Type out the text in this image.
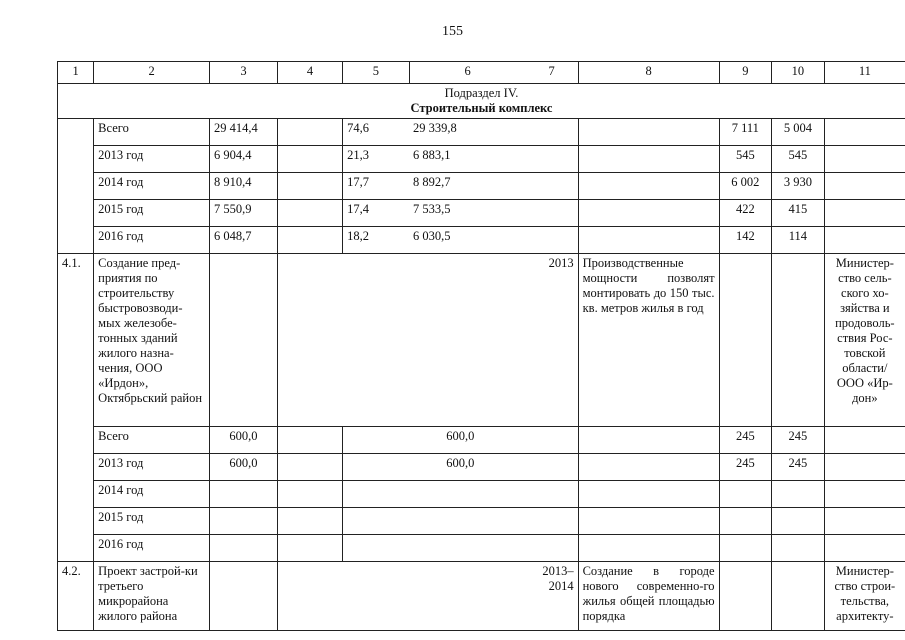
155
1	2	3	4	5	6	7	8	9	10	11

Подраздел IV.
Строительный комплекс										

	Всего	29 414,4		74,6	29 339,8			7 111	5 004	
	2013 год	6 904,4		21,3	6 883,1			545	545	
	2014 год	8 910,4		17,7	8 892,7			6 002	3 930	
	2015 год	7 550,9		17,4	7 533,5			422	415	
	2016 год	6 048,7		18,2	6 030,5			142	114	
4.1.	Создание пред-приятия по строительству быстровозводи-мых железобе-тонных зданий жилого назна-чения, ООО «Ирдон», Октябрьский район		2013				Производственные мощности позволят монтировать до 150 тыс. кв. метров жилья в год			Министер-ство сель-ского хо-зяйства и продоволь-ствия Рос-товской области/ ООО «Ир-дон»
	Всего	600,0		600,0				245	245	
	2013 год	600,0		600,0				245	245	
	2014 год									
	2015 год									
	2016 год									
4.2.	Проект застрой-ки третьего микрорайона жилого района		2013– 2014				Создание в городе нового современно-го жилья общей площадью порядка			Министер-ство строи-тельства, архитекту-
